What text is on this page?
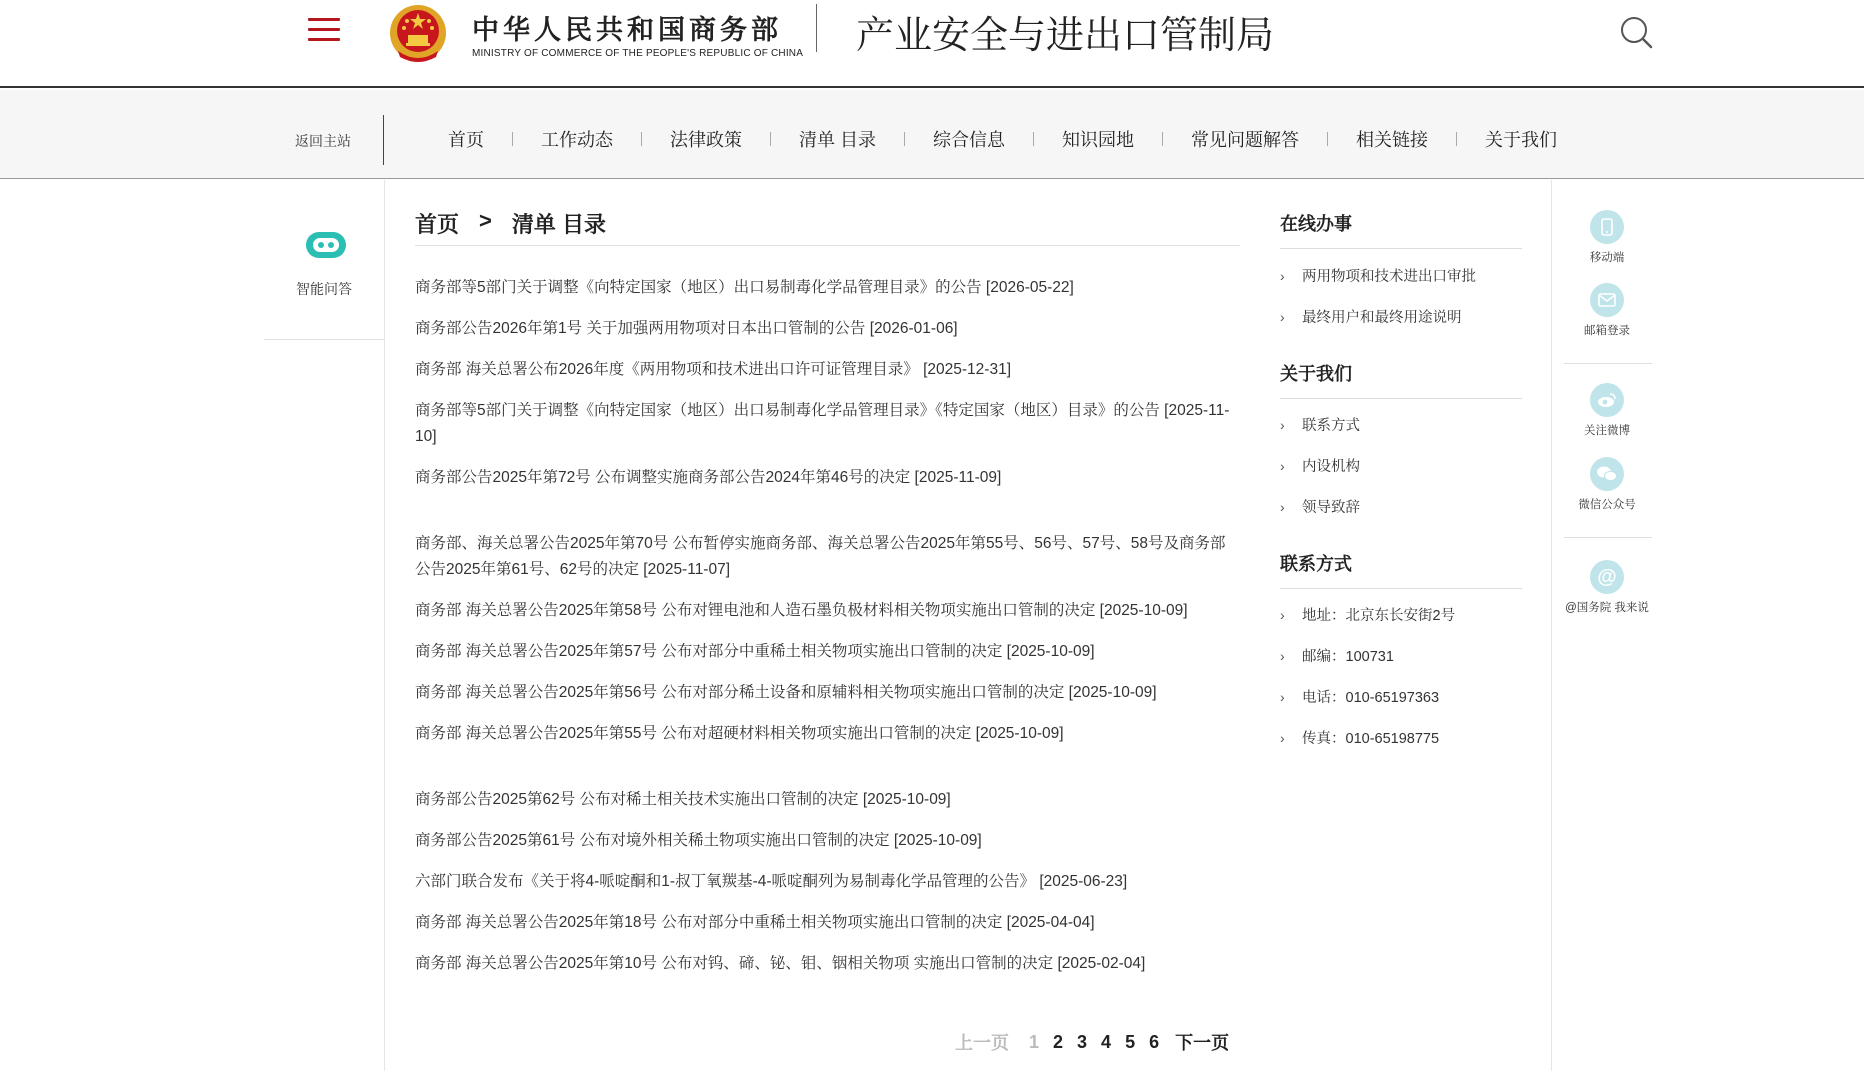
中华人民共和国商务部
MINISTRY OF COMMERCE OF THE PEOPLE'S REPUBLIC OF CHINA 产业安全与进出口管制局
返回主站	首页	工作动态	法律政策	清单 目录	综合信息	知识园地	常见问题解答	相关链接	关于我们
智能问答
首页 > 清单 目录
商务部等5部门关于调整《向特定国家（地区）出口易制毒化学品管理目录》的公告 [2026-05-22]
商务部公告2026年第1号 关于加强两用物项对日本出口管制的公告 [2026-01-06]
商务部 海关总署公布2026年度《两用物项和技术进出口许可证管理目录》 [2025-12-31]
商务部等5部门关于调整《向特定国家（地区）出口易制毒化学品管理目录》《特定国家（地区）目录》的公告 [2025-11-10]
商务部公告2025年第72号 公布调整实施商务部公告2024年第46号的决定 [2025-11-09]
商务部、海关总署公告2025年第70号 公布暂停实施商务部、海关总署公告2025年第55号、56号、57号、58号及商务部公告2025年第61号、62号的决定 [2025-11-07]
商务部 海关总署公告2025年第58号 公布对锂电池和人造石墨负极材料相关物项实施出口管制的决定 [2025-10-09]
商务部 海关总署公告2025年第57号 公布对部分中重稀土相关物项实施出口管制的决定 [2025-10-09]
商务部 海关总署公告2025年第56号 公布对部分稀土设备和原辅料相关物项实施出口管制的决定 [2025-10-09]
商务部 海关总署公告2025年第55号 公布对超硬材料相关物项实施出口管制的决定 [2025-10-09]
商务部公告2025第62号 公布对稀土相关技术实施出口管制的决定 [2025-10-09]
商务部公告2025第61号 公布对境外相关稀土物项实施出口管制的决定 [2025-10-09]
六部门联合发布《关于将4-哌啶酮和1-叔丁氧羰基-4-哌啶酮列为易制毒化学品管理的公告》 [2025-06-23]
商务部 海关总署公告2025年第18号 公布对部分中重稀土相关物项实施出口管制的决定 [2025-04-04]
商务部 海关总署公告2025年第10号 公布对钨、碲、铋、钼、铟相关物项 实施出口管制的决定 [2025-02-04]
上一页 1 2 3 4 5 6 下一页
在线办事
› 两用物项和技术进出口审批
› 最终用户和最终用途说明
关于我们
› 联系方式
› 内设机构
› 领导致辞
联系方式
› 地址：北京东长安街2号
› 邮编：100731
› 电话：010-65197363
› 传真：010-65198775
移动端
邮箱登录
关注微博
微信公众号
@
@国务院 我来说
